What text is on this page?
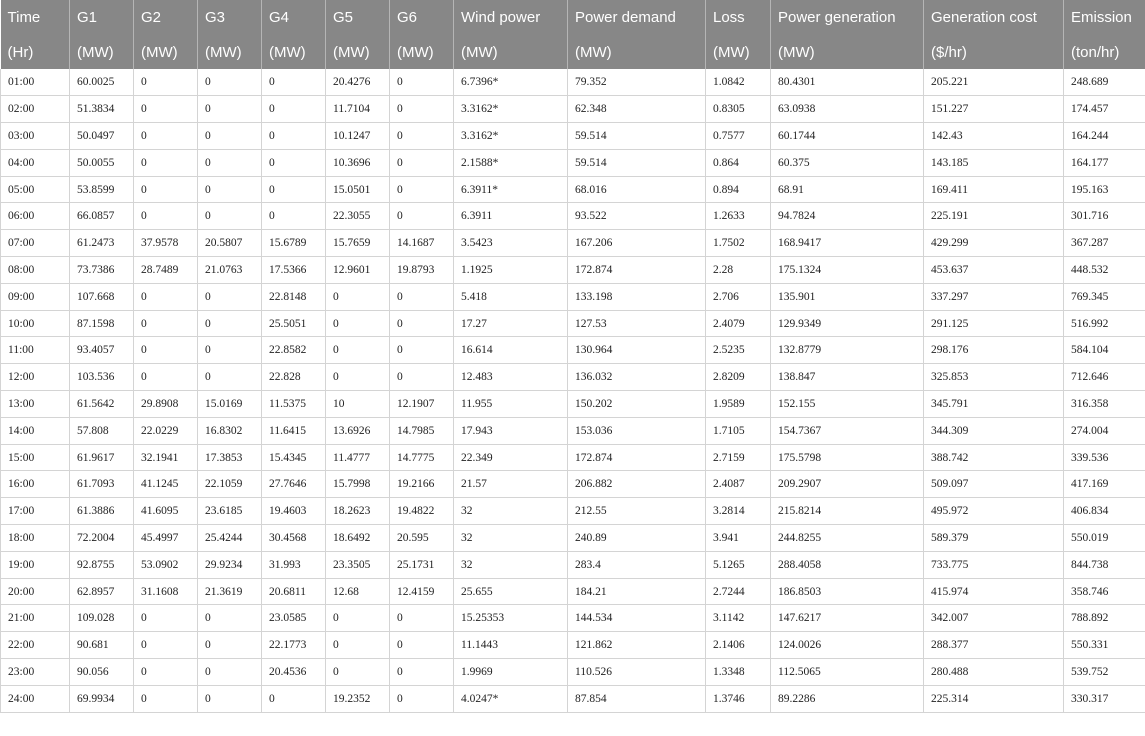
Time	G1	G2	G3	G4	G5	G6	Wind power	Power demand	Loss	Power generation	Generation cost	Emission
(Hr)	(MW)	(MW)	(MW)	(MW)	(MW)	(MW)	(MW)	(MW)	(MW)	(MW)	($/hr)	(ton/hr)
01:00	60.0025	0	0	0	20.4276	0	6.7396*	79.352	1.0842	80.4301	205.221	248.689
02:00	51.3834	0	0	0	11.7104	0	3.3162*	62.348	0.8305	63.0938	151.227	174.457
03:00	50.0497	0	0	0	10.1247	0	3.3162*	59.514	0.7577	60.1744	142.43	164.244
04:00	50.0055	0	0	0	10.3696	0	2.1588*	59.514	0.864	60.375	143.185	164.177
05:00	53.8599	0	0	0	15.0501	0	6.3911*	68.016	0.894	68.91	169.411	195.163
06:00	66.0857	0	0	0	22.3055	0	6.3911	93.522	1.2633	94.7824	225.191	301.716
07:00	61.2473	37.9578	20.5807	15.6789	15.7659	14.1687	3.5423	167.206	1.7502	168.9417	429.299	367.287
08:00	73.7386	28.7489	21.0763	17.5366	12.9601	19.8793	1.1925	172.874	2.28	175.1324	453.637	448.532
09:00	107.668	0	0	22.8148	0	0	5.418	133.198	2.706	135.901	337.297	769.345
10:00	87.1598	0	0	25.5051	0	0	17.27	127.53	2.4079	129.9349	291.125	516.992
11:00	93.4057	0	0	22.8582	0	0	16.614	130.964	2.5235	132.8779	298.176	584.104
12:00	103.536	0	0	22.828	0	0	12.483	136.032	2.8209	138.847	325.853	712.646
13:00	61.5642	29.8908	15.0169	11.5375	10	12.1907	11.955	150.202	1.9589	152.155	345.791	316.358
14:00	57.808	22.0229	16.8302	11.6415	13.6926	14.7985	17.943	153.036	1.7105	154.7367	344.309	274.004
15:00	61.9617	32.1941	17.3853	15.4345	11.4777	14.7775	22.349	172.874	2.7159	175.5798	388.742	339.536
16:00	61.7093	41.1245	22.1059	27.7646	15.7998	19.2166	21.57	206.882	2.4087	209.2907	509.097	417.169
17:00	61.3886	41.6095	23.6185	19.4603	18.2623	19.4822	32	212.55	3.2814	215.8214	495.972	406.834
18:00	72.2004	45.4997	25.4244	30.4568	18.6492	20.595	32	240.89	3.941	244.8255	589.379	550.019
19:00	92.8755	53.0902	29.9234	31.993	23.3505	25.1731	32	283.4	5.1265	288.4058	733.775	844.738
20:00	62.8957	31.1608	21.3619	20.6811	12.68	12.4159	25.655	184.21	2.7244	186.8503	415.974	358.746
21:00	109.028	0	0	23.0585	0	0	15.25353	144.534	3.1142	147.6217	342.007	788.892
22:00	90.681	0	0	22.1773	0	0	11.1443	121.862	2.1406	124.0026	288.377	550.331
23:00	90.056	0	0	20.4536	0	0	1.9969	110.526	1.3348	112.5065	280.488	539.752
24:00	69.9934	0	0	0	19.2352	0	4.0247*	87.854	1.3746	89.2286	225.314	330.317
